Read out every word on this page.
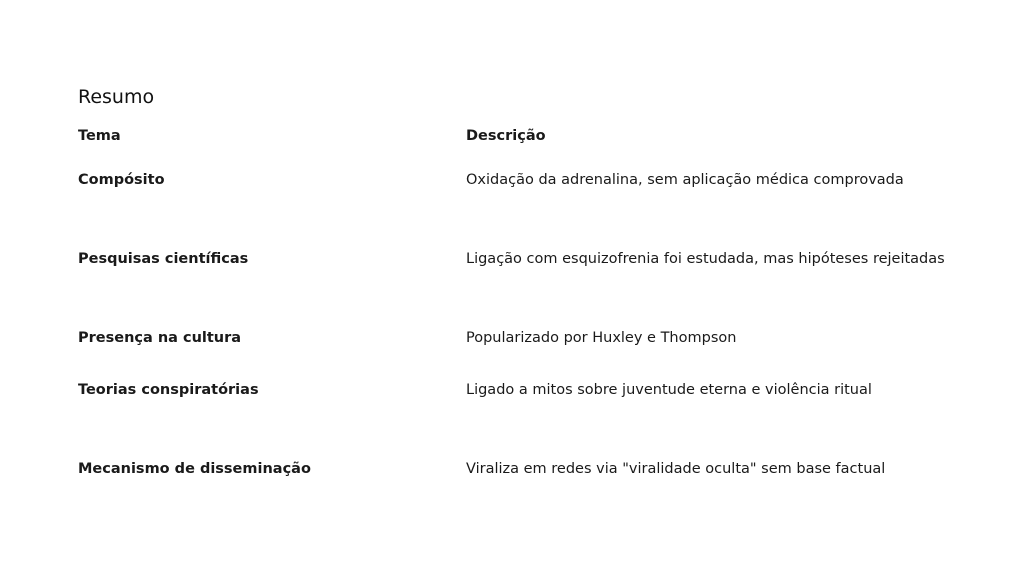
Resumo
Tema	Descrição
Compósito	Oxidação da adrenalina, sem aplicação médica comprovada
Pesquisas científicas	Ligação com esquizofrenia foi estudada, mas hipóteses rejeitadas
Presença na cultura	Popularizado por Huxley e Thompson
Teorias conspiratórias	Ligado a mitos sobre juventude eterna e violência ritual
Mecanismo de disseminação	Viraliza em redes via "viralidade oculta" sem base factual
